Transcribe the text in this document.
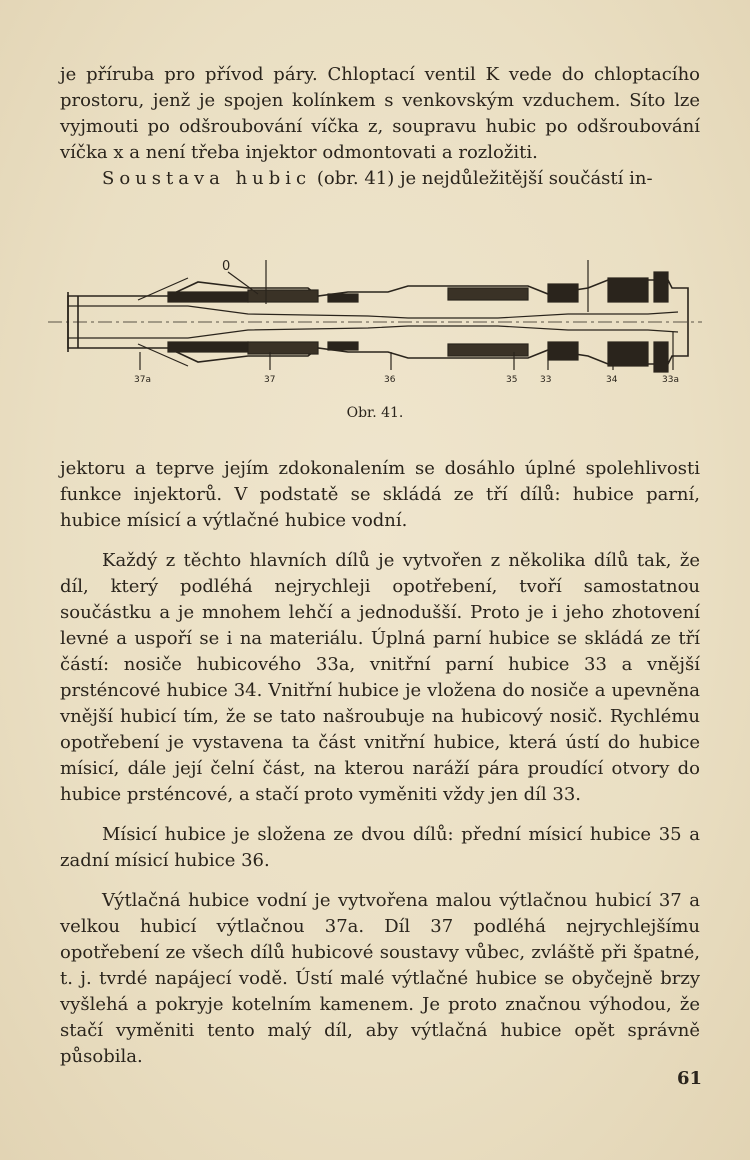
je příruba pro přívod páry. Chloptací ventil K vede do chloptacího prostoru, jenž je spojen kolínkem s venkovským vzduchem. Síto lze vyjmouti po odšroubování víčka z, soupravu hubic po odšroubování víčka x a není třeba injektor odmontovati a rozložiti.

Soustava hubic (obr. 41) je nejdůležitější součástí in-

0
37a	37	36	35	33	34	33a
Obr. 41.

jektoru a teprve jejím zdokonalením se dosáhlo úplné spolehlivosti funkce injektorů. V podstatě se skládá ze tří dílů: hubice parní, hubice mísicí a výtlačné hubice vodní.

Každý z těchto hlavních dílů je vytvořen z několika dílů tak, že díl, který podléhá nejrychleji opotřebení, tvoří samostatnou součástku a je mnohem lehčí a jednodušší. Proto je i jeho zhotovení levné a uspoří se i na materiálu. Úplná parní hubice se skládá ze tří částí: nosiče hubicového 33a, vnitřní parní hubice 33 a vnější prsténcové hubice 34. Vnitřní hubice je vložena do nosiče a upevněna vnější hubicí tím, že se tato našroubuje na hubicový nosič. Rychlému opotřebení je vystavena ta část vnitřní hubice, která ústí do hubice mísicí, dále její čelní část, na kterou naráží pára proudící otvory do hubice prsténcové, a stačí proto vyměniti vždy jen díl 33.

Mísicí hubice je složena ze dvou dílů: přední mísicí hubice 35 a zadní mísicí hubice 36.

Výtlačná hubice vodní je vytvořena malou výtlačnou hubicí 37 a velkou hubicí výtlačnou 37a. Díl 37 podléhá nejrychlejšímu opotřebení ze všech dílů hubicové soustavy vůbec, zvláště při špatné, t. j. tvrdé napájecí vodě. Ústí malé výtlačné hubice se obyčejně brzy vyšlehá a pokryje kotelním kamenem. Je proto značnou výhodou, že stačí vyměniti tento malý díl, aby výtlačná hubice opět správně působila.

61
